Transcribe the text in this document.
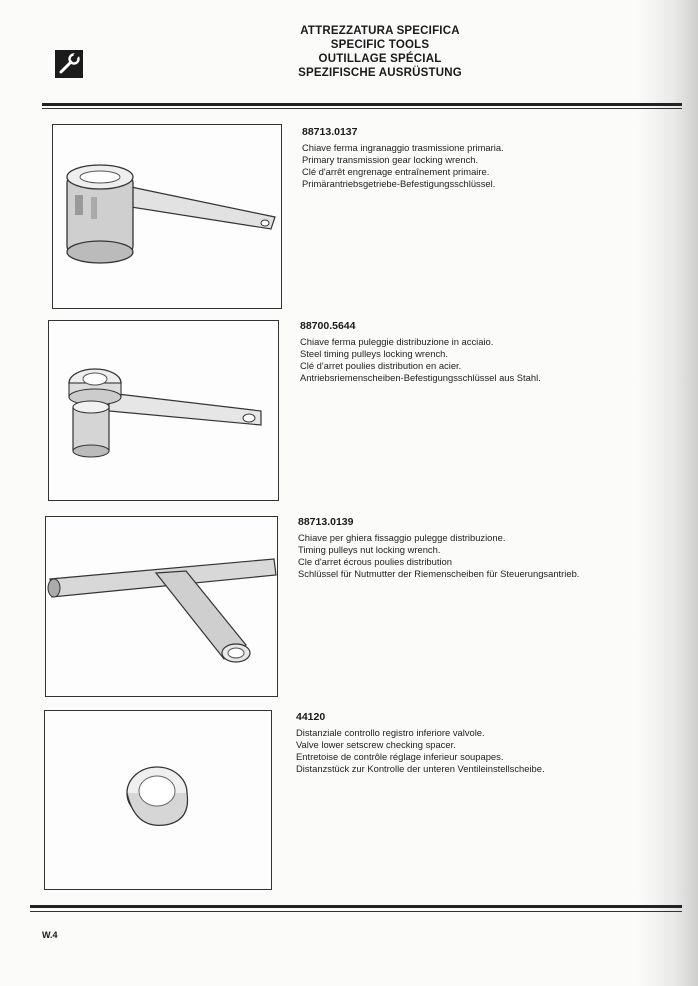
ATTREZZATURA SPECIFICA
SPECIFIC TOOLS
OUTILLAGE SPÉCIAL
SPEZIFISCHE AUSRÜSTUNG
88713.0137
Chiave ferma ingranaggio trasmissione primaria.
Primary transmission gear locking wrench.
Clé d'arrêt engrenage entraînement primaire.
Primärantriebsgetriebe-Befestigungsschlüssel.
88700.5644
Chiave ferma puleggie distribuzione in acciaio.
Steel timing pulleys locking wrench.
Clé d'arret poulies distribution en acier.
Antriebsriemenscheiben-Befestigungsschlüssel aus Stahl.
88713.0139
Chiave per ghiera fissaggio pulegge distribuzione.
Timing pulleys nut locking wrench.
Cle d'arret écrous poulies distribution
Schlüssel für Nutmutter der Riemenscheiben für Steuerungsantrieb.
44120
Distanziale controllo registro inferiore valvole.
Valve lower setscrew checking spacer.
Entretoise de contrôle réglage inferieur soupapes.
Distanzstück zur Kontrolle der unteren Ventileinstellscheibe.
W.4
